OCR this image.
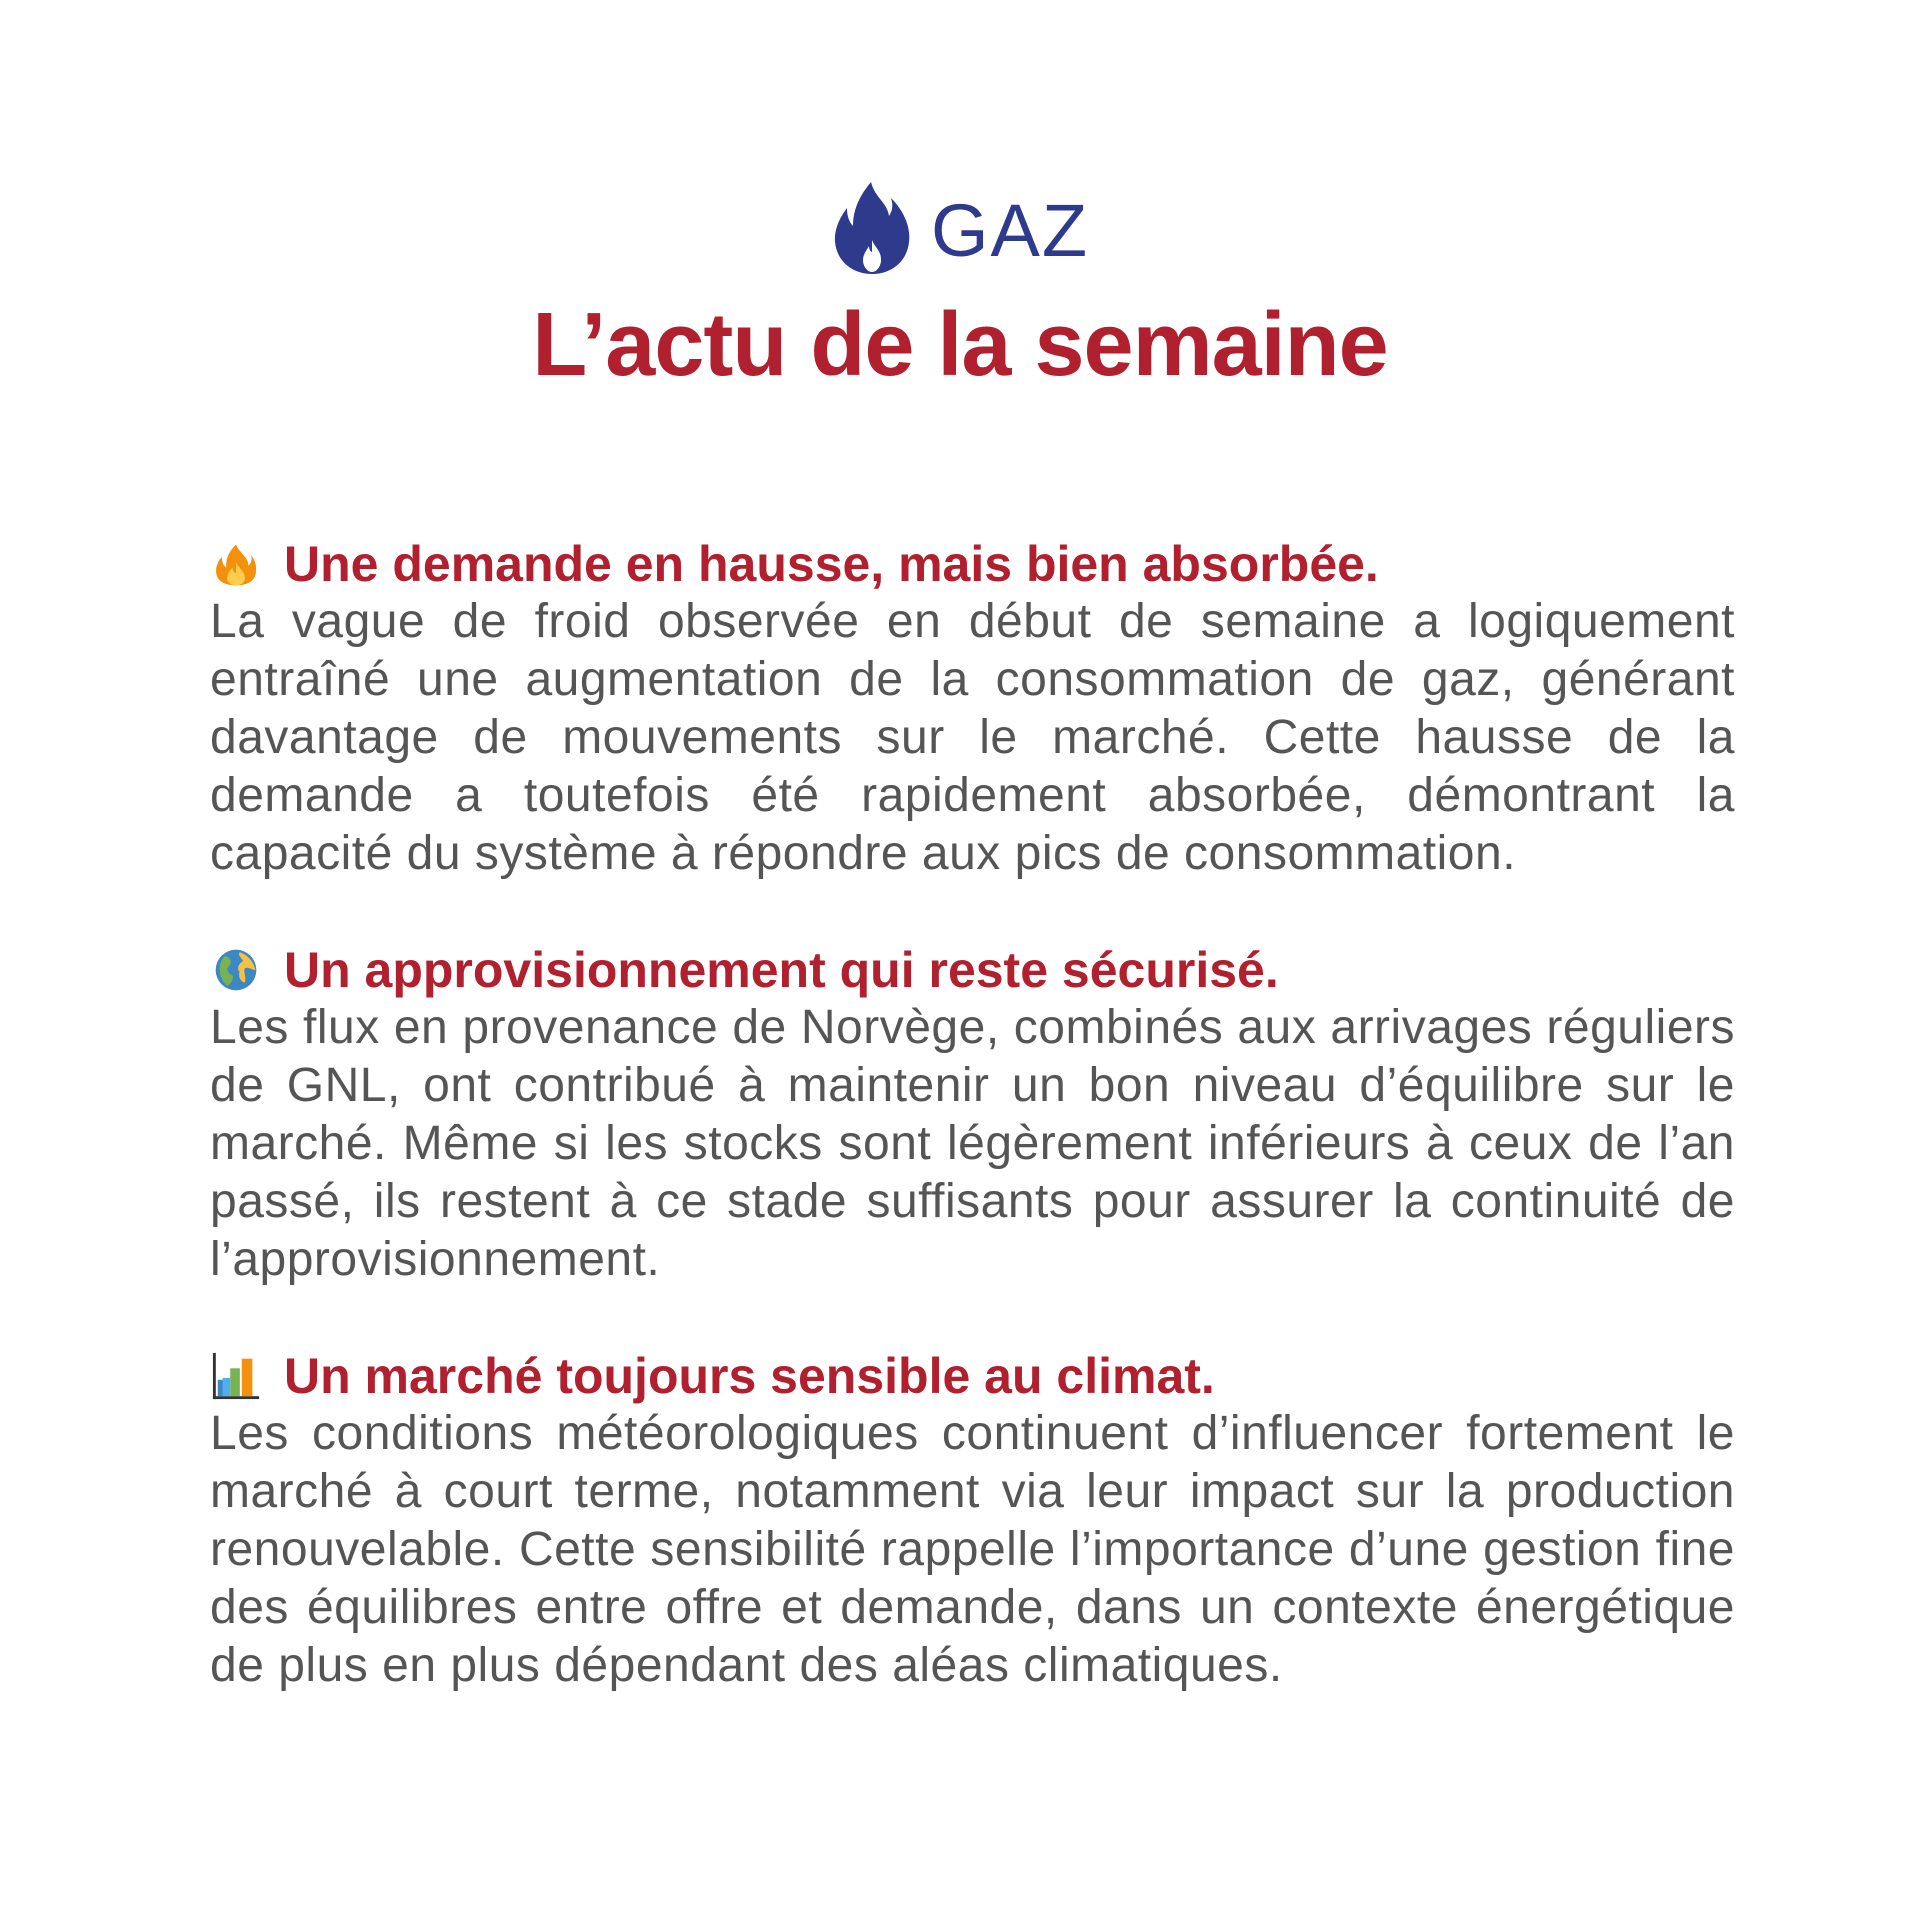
GAZ
L’actu de la semaine
Une demande en hausse, mais bien absorbée.
La vague de froid observée en début de semaine a logiquement entraîné une augmentation de la consommation de gaz, générant davantage de mouvements sur le marché. Cette hausse de la demande a toutefois été rapidement absorbée, démontrant la capacité du système à répondre aux pics de consommation.
Un approvisionnement qui reste sécurisé.
Les flux en provenance de Norvège, combinés aux arrivages réguliers de GNL, ont contribué à maintenir un bon niveau d’équilibre sur le marché. Même si les stocks sont légèrement inférieurs à ceux de l’an passé, ils restent à ce stade suffisants pour assurer la continuité de l’approvisionnement.
Un marché toujours sensible au climat.
Les conditions météorologiques continuent d’influencer fortement le marché à court terme, notamment via leur impact sur la production renouvelable. Cette sensibilité rappelle l’importance d’une gestion fine des équilibres entre offre et demande, dans un contexte énergétique de plus en plus dépendant des aléas climatiques.
